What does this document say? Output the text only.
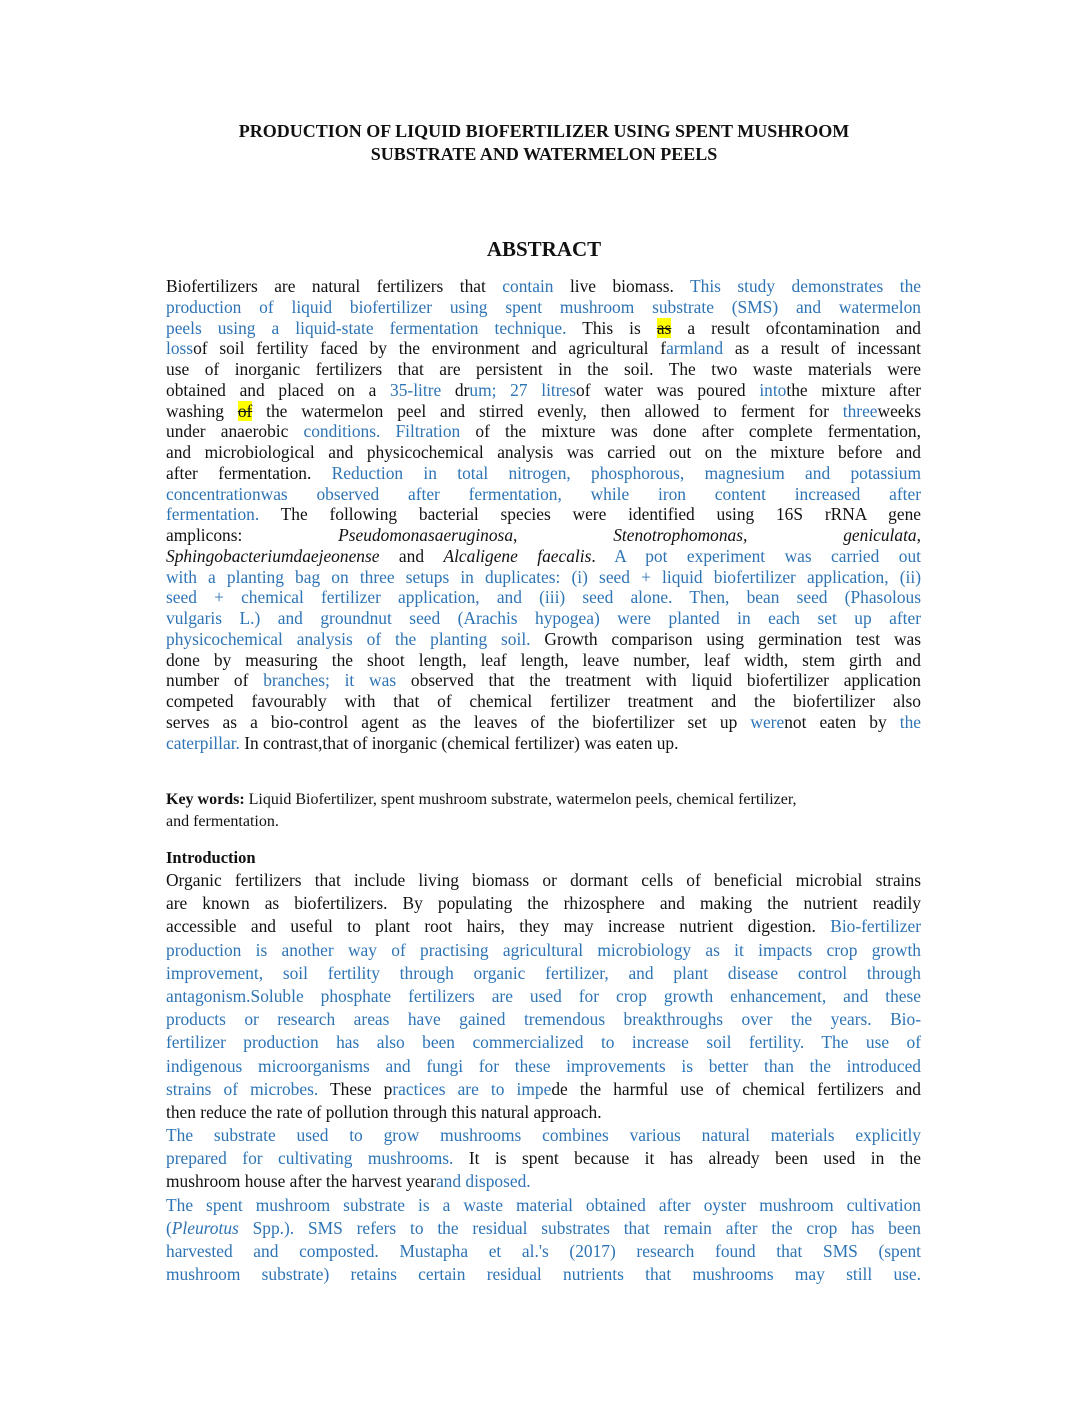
PRODUCTION OF LIQUID BIOFERTILIZER USING SPENT MUSHROOM
SUBSTRATE AND WATERMELON PEELS
ABSTRACT
Biofertilizers are natural fertilizers that contain live biomass. This study demonstrates the
production of liquid biofertilizer using spent mushroom substrate (SMS) and watermelon
peels using a liquid-state fermentation technique. This is as a result ofcontamination and
lossof soil fertility faced by the environment and agricultural farmland as a result of incessant
use of inorganic fertilizers that are persistent in the soil. The two waste materials were
obtained and placed on a 35-litre drum; 27 litresof water was poured intothe mixture after
washing of the watermelon peel and stirred evenly, then allowed to ferment for threeweeks
under anaerobic conditions. Filtration of the mixture was done after complete fermentation,
and microbiological and physicochemical analysis was carried out on the mixture before and
after fermentation. Reduction in total nitrogen, phosphorous, magnesium and potassium
concentrationwas observed after fermentation, while iron content increased after
fermentation. The following bacterial species were identified using 16S rRNA gene
amplicons: Pseudomonasaeruginosa, Stenotrophomonas,	geniculata,
Sphingobacteriumdaejeonense and Alcaligene faecalis. A pot experiment was carried out
with a planting bag on three setups in duplicates: (i) seed + liquid biofertilizer application, (ii)
seed + chemical fertilizer application, and (iii) seed alone. Then, bean seed (Phasolous
vulgaris L.) and groundnut seed (Arachis hypogea) were planted in each set up after
physicochemical analysis of the planting soil. Growth comparison using germination test was
done by measuring the shoot length, leaf length, leave number, leaf width, stem girth and
number of branches; it was observed that the treatment with liquid biofertilizer application
competed favourably with that of chemical fertilizer treatment and the biofertilizer also
serves as a bio-control agent as the leaves of the biofertilizer set up werenot eaten by the
caterpillar. In contrast,that of inorganic (chemical fertilizer) was eaten up.
Key words: Liquid Biofertilizer, spent mushroom substrate, watermelon peels, chemical fertilizer,
and fermentation.
Introduction
Organic fertilizers that include living biomass or dormant cells of beneficial microbial strains
are known as biofertilizers. By populating the rhizosphere and making the nutrient readily
accessible and useful to plant root hairs, they may increase nutrient digestion. Bio-fertilizer
production is another way of practising agricultural microbiology as it impacts crop growth
improvement, soil fertility through organic fertilizer, and plant disease control through
antagonism.Soluble phosphate fertilizers are used for crop growth enhancement, and these
products or research areas have gained tremendous breakthroughs over the years. Bio-
fertilizer production has also been commercialized to increase soil fertility. The use of
indigenous microorganisms and fungi for these improvements is better than the introduced
strains of microbes. These practices are to impede the harmful use of chemical fertilizers and
then reduce the rate of pollution through this natural approach.
The substrate used to grow mushrooms combines various natural materials explicitly
prepared for cultivating mushrooms. It is spent because it has already been used in the
mushroom house after the harvest yearand disposed.
The spent mushroom substrate is a waste material obtained after oyster mushroom cultivation
(Pleurotus Spp.). SMS refers to the residual substrates that remain after the crop has been
harvested and composted. Mustapha et al.'s (2017) research found that SMS (spent
mushroom substrate) retains certain residual nutrients that mushrooms may still use.
